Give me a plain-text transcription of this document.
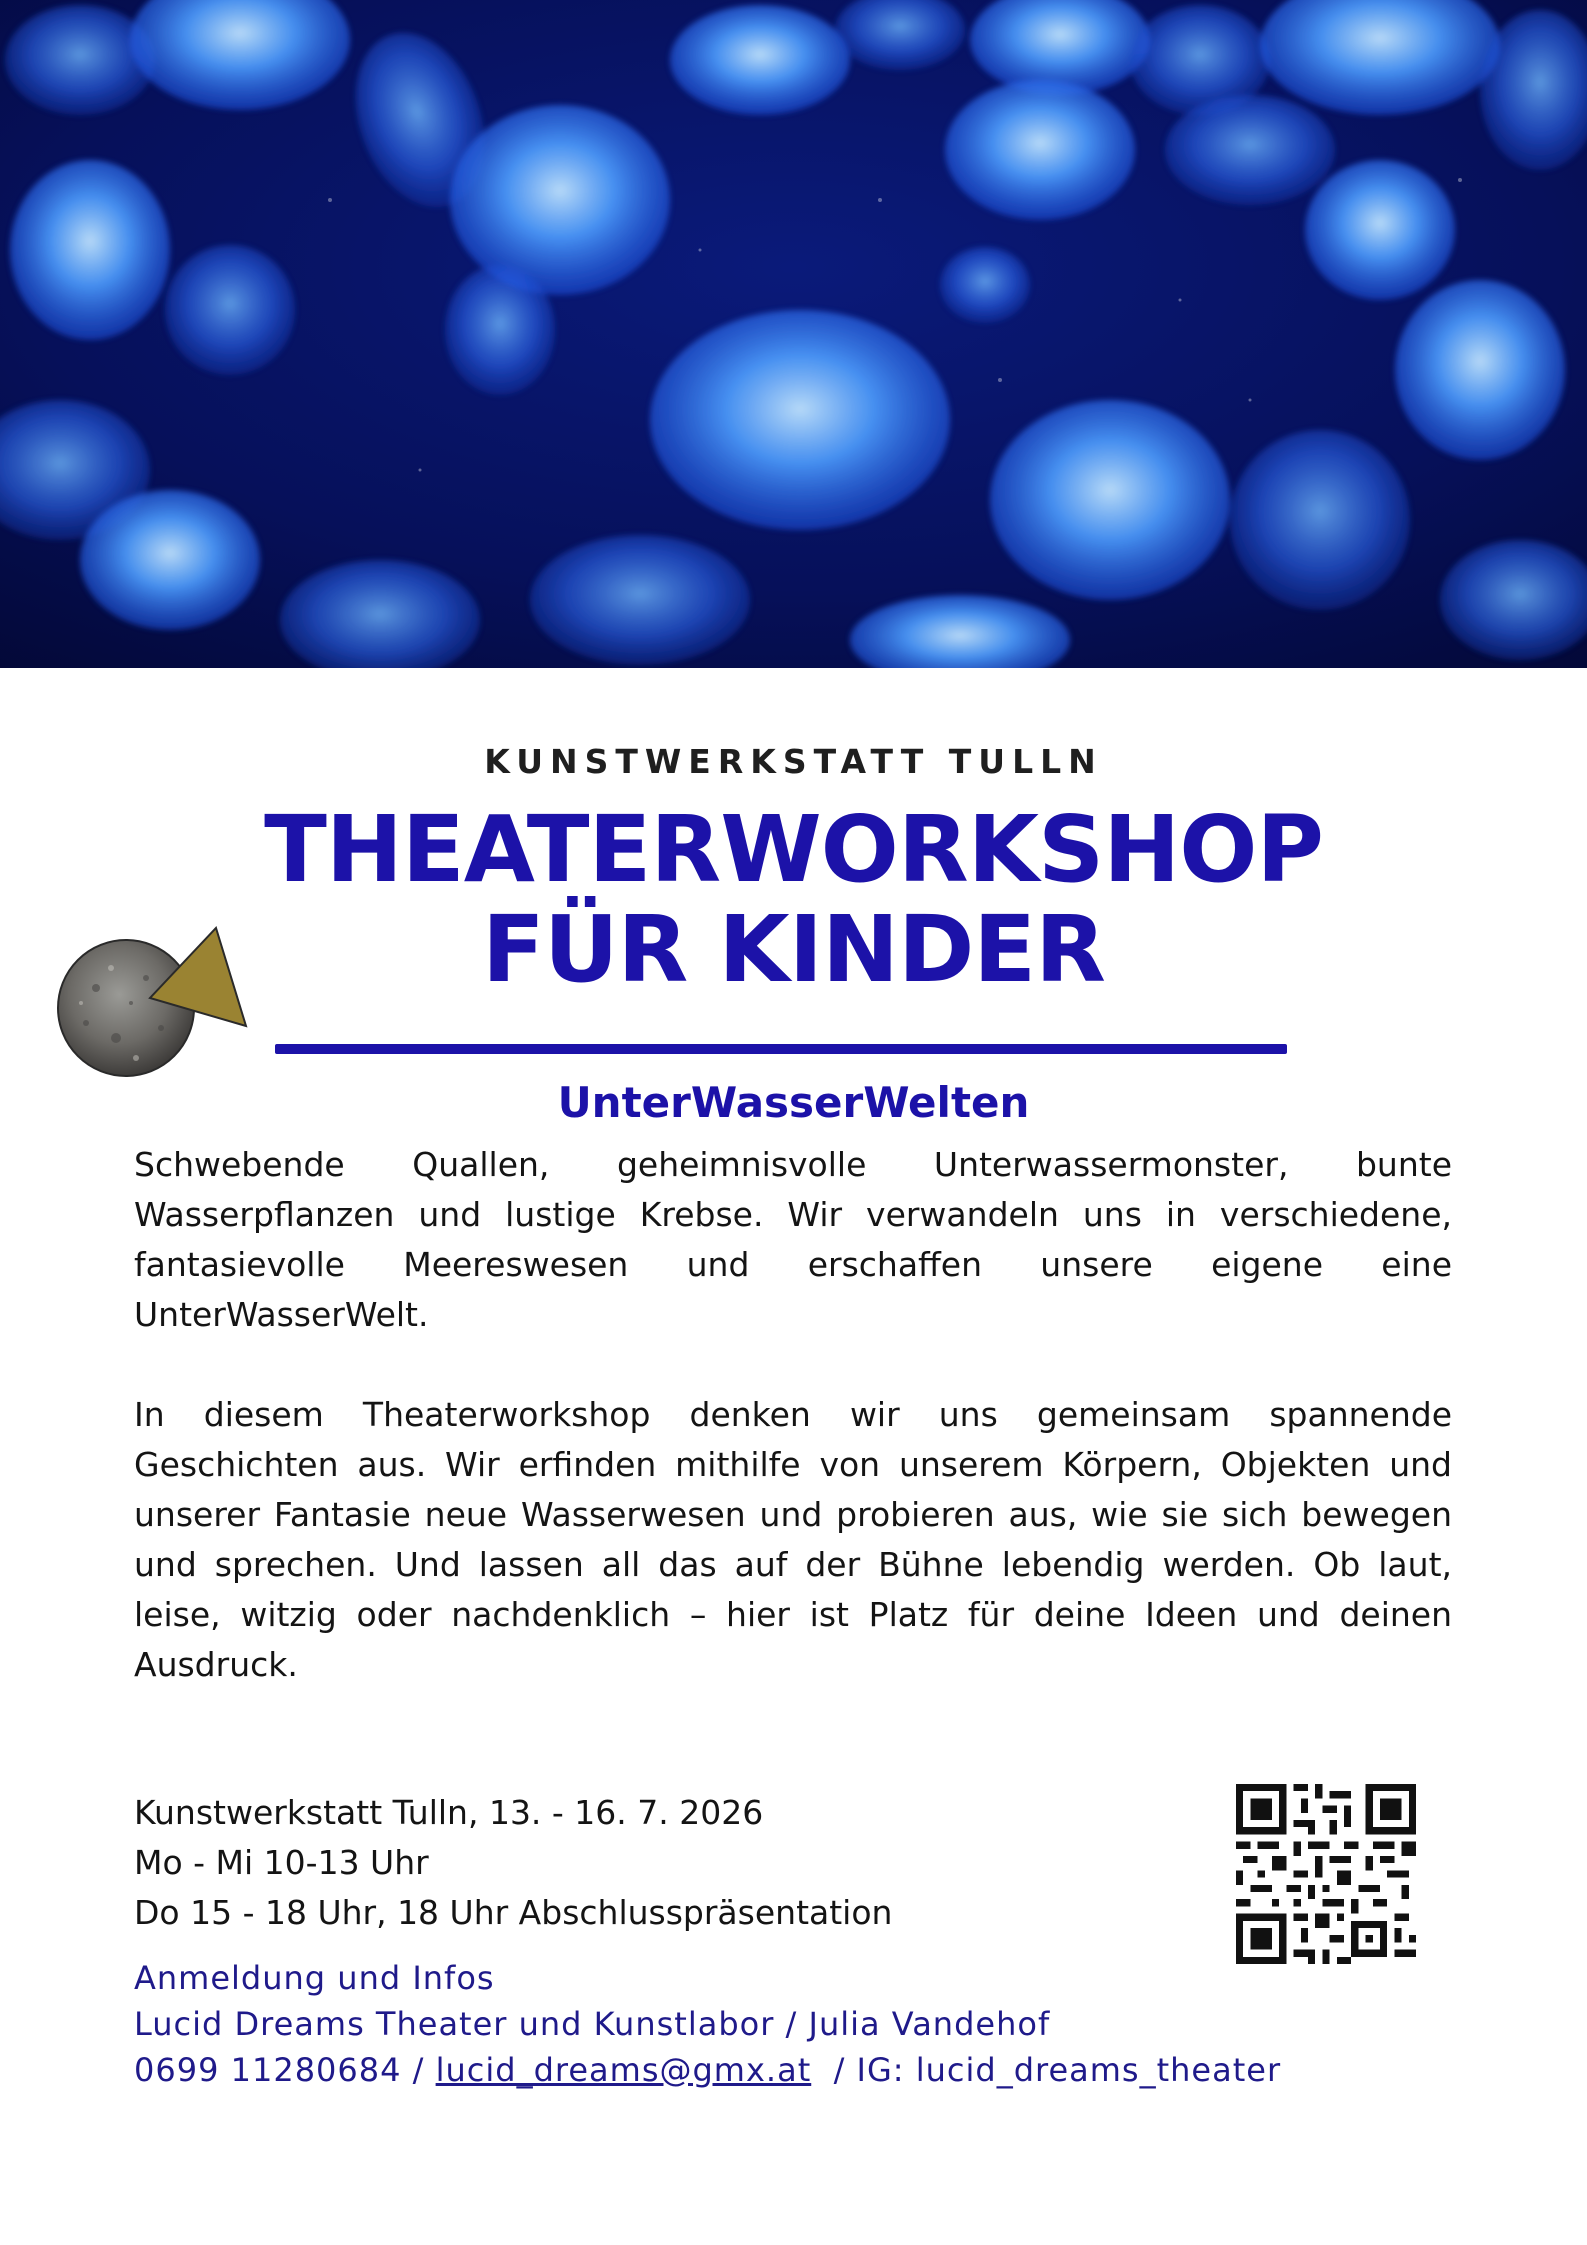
KUNSTWERKSTATT TULLN
THEATERWORKSHOP
FÜR KINDER
UnterWasserWelten
Schwebende Quallen, geheimnisvolle Unterwassermonster, bunte Wasserpflanzen und lustige Krebse. Wir verwandeln uns in verschiedene, fantasievolle Meereswesen und erschaffen unsere eigene eine UnterWasserWelt.
In diesem Theaterworkshop denken wir uns gemeinsam spannende Geschichten aus. Wir erfinden mithilfe von unserem Körpern, Objekten und unserer Fantasie neue Wasserwesen und probieren aus, wie sie sich bewegen und sprechen. Und lassen all das auf der Bühne lebendig werden. Ob laut, leise, witzig oder nachdenklich – hier ist Platz für deine Ideen und deinen Ausdruck.
Kunstwerkstatt Tulln, 13. - 16. 7. 2026
Mo - Mi 10-13 Uhr
Do 15 - 18 Uhr, 18 Uhr Abschlusspräsentation
Anmeldung und Infos
Lucid Dreams Theater und Kunstlabor / Julia Vandehof
0699 11280684 / lucid_dreams@gmx.at  / IG: lucid_dreams_theater
